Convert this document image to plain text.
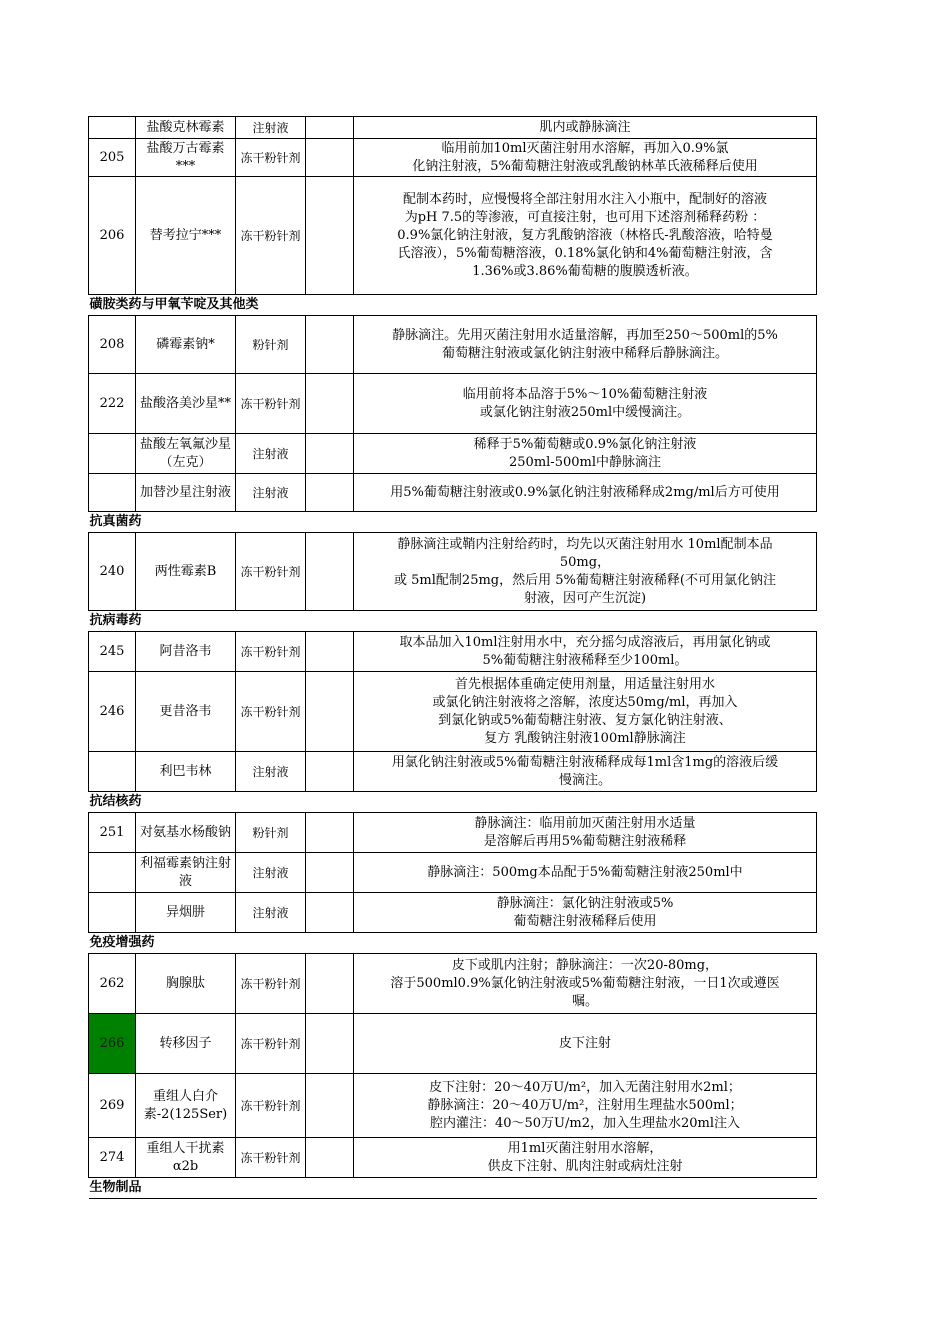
	盐酸克林霉素	注射液		肌内或静脉滴注

205	盐酸万古霉素***	冻干粉针剂		临用前加10ml灭菌注射用水溶解，再加入0.9%氯
化钠注射液，5%葡萄糖注射液或乳酸钠林革氏液稀释后使用

206	替考拉宁***	冻干粉针剂		配制本药时，应慢慢将全部注射用水注入小瓶中，配制好的溶液
为pH 7.5的等渗液，可直接注射，也可用下述溶剂稀释药粉 ：
0.9%氯化钠注射液，复方乳酸钠溶液（林格氏-乳酸溶液，哈特曼
氏溶液），5%葡萄糖溶液，0.18%氯化钠和4%葡萄糖注射液，含
1.36%或3.86%葡萄糖的腹膜透析液。

磺胺类药与甲氧苄啶及其他类				
208	磷霉素钠*	粉针剂		静脉滴注。先用灭菌注射用水适量溶解，再加至250～500ml的5%
葡萄糖注射液或氯化钠注射液中稀释后静脉滴注。

222	盐酸洛美沙星**	冻干粉针剂		临用前将本品溶于5%～10%葡萄糖注射液
或氯化钠注射液250ml中缓慢滴注。

	盐酸左氧氟沙星（左克）	注射液		稀释于5%葡萄糖或0.9%氯化钠注射液
250ml-500ml中静脉滴注

	加替沙星注射液	注射液		用5%葡萄糖注射液或0.9%氯化钠注射液稀释成2mg/ml后方可使用

抗真菌药				
240	两性霉素B	冻干粉针剂		静脉滴注或鞘内注射给药时，均先以灭菌注射用水 10ml配制本品
50mg，
或 5ml配制25mg，然后用 5%葡萄糖注射液稀释(不可用氯化钠注
射液，因可产生沉淀)

抗病毒药				
245	阿昔洛韦	冻干粉针剂		取本品加入10ml注射用水中，充分摇匀成溶液后，再用氯化钠或
5%葡萄糖注射液稀释至少100ml。

246	更昔洛韦	冻干粉针剂		首先根据体重确定使用剂量，用适量注射用水
或氯化钠注射液将之溶解，浓度达50mg/ml，再加入
到氯化钠或5%葡萄糖注射液、复方氯化钠注射液、
复方 乳酸钠注射液100ml静脉滴注

	利巴韦林	注射液		用氯化钠注射液或5%葡萄糖注射液稀释成每1ml含1mg的溶液后缓
慢滴注。

抗结核药				
251	对氨基水杨酸钠	粉针剂		静脉滴注：临用前加灭菌注射用水适量
是溶解后再用5%葡萄糖注射液稀释

	利福霉素钠注射液	注射液		静脉滴注：500mg本品配于5%葡萄糖注射液250ml中

	异烟肼	注射液		静脉滴注：氯化钠注射液或5%
葡萄糖注射液稀释后使用

免疫增强药				
262	胸腺肽	冻干粉针剂		皮下或肌内注射；静脉滴注：一次20-80mg，
溶于500ml0.9%氯化钠注射液或5%葡萄糖注射液，一日1次或遵医
嘱。

266	转移因子	冻干粉针剂		皮下注射

269	重组人白介素-2(125Ser)	冻干粉针剂		皮下注射：20～40万U/m²，加入无菌注射用水2ml；
静脉滴注：20～40万U/m²，注射用生理盐水500ml；
腔内灌注：40～50万U/m2，加入生理盐水20ml注入

274	重组人干扰素α2b	冻干粉针剂		用1ml灭菌注射用水溶解，
供皮下注射、肌肉注射或病灶注射

生物制品				
